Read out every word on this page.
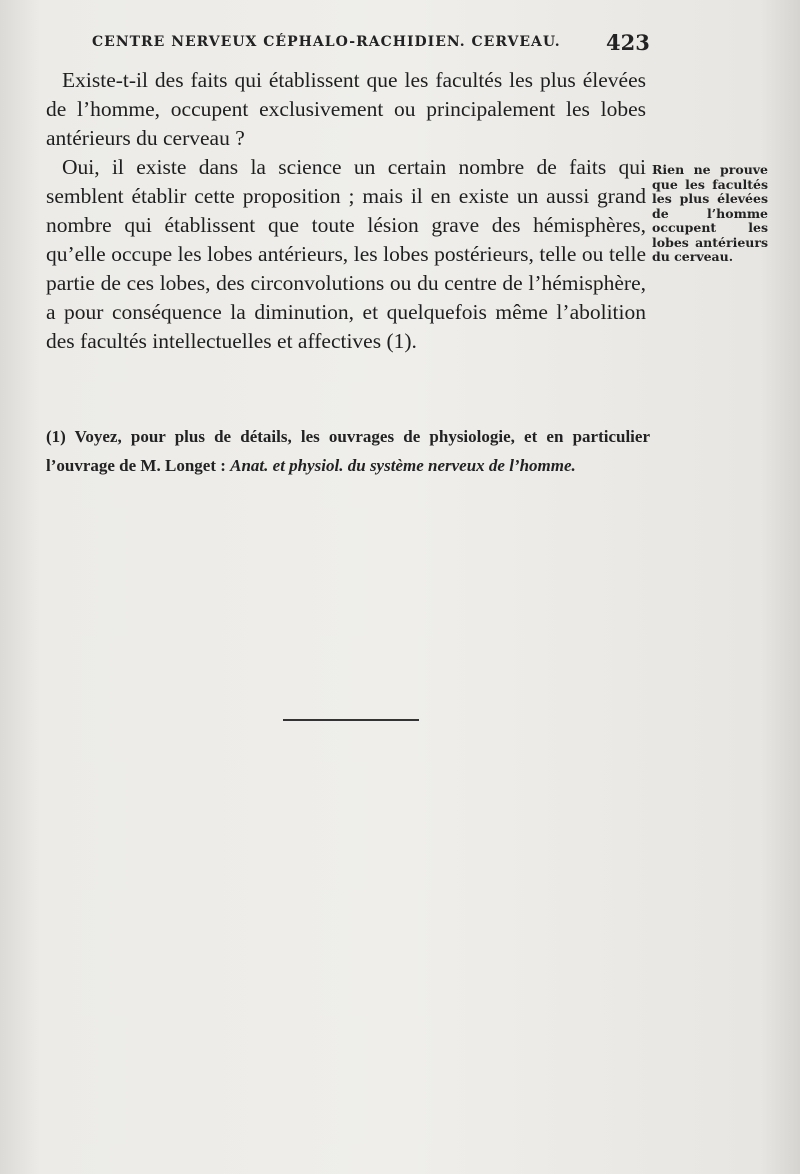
CENTRE NERVEUX CÉPHALO-RACHIDIEN. CERVEAU.	423

Existe-t-il des faits qui établissent que les facultés les plus élevées de l’homme, occupent exclusivement ou principalement les lobes antérieurs du cerveau ?

Oui, il existe dans la science un certain nombre de faits qui semblent établir cette proposition ; mais il en existe un aussi grand nombre qui établissent que toute lésion grave des hémisphères, qu’elle occupe les lobes antérieurs, les lobes postérieurs, telle ou telle partie de ces lobes, des circonvolutions ou du centre de l’hémisphère, a pour conséquence la diminution, et quelquefois même l’abolition des facultés intellectuelles et affectives (1).

Rien ne prouve que les facultés les plus élevées de l’homme occupent les lobes antérieurs du cerveau.
(1) Voyez, pour plus de détails, les ouvrages de physiologie, et en particulier l’ouvrage de M. Longet : Anat. et physiol. du système nerveux de l’homme.
